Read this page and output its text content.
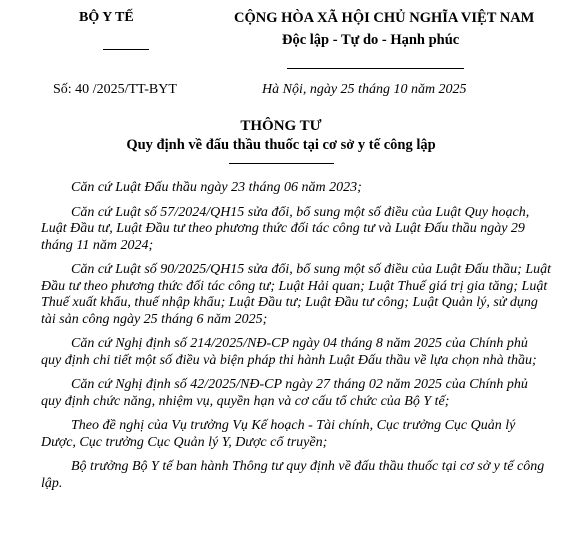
BỘ Y TẾ	CỘNG HÒA XÃ HỘI CHỦ NGHĨA VIỆT NAM
Độc lập - Tự do - Hạnh phúc
Số: 40 /2025/TT-BYT	Hà Nội, ngày 25 tháng 10 năm 2025
THÔNG TƯ
Quy định về đấu thầu thuốc tại cơ sở y tế công lập

Căn cứ Luật Đấu thầu ngày 23 tháng 06 năm 2023;

Căn cứ Luật số 57/2024/QH15 sửa đổi, bổ sung một số điều của Luật Quy hoạch, Luật Đầu tư, Luật Đầu tư theo phương thức đối tác công tư và Luật Đấu thầu ngày 29 tháng 11 năm 2024;

Căn cứ Luật số 90/2025/QH15 sửa đổi, bổ sung một số điều của Luật Đấu thầu; Luật Đầu tư theo phương thức đối tác công tư; Luật Hải quan; Luật Thuế giá trị gia tăng; Luật Thuế xuất khẩu, thuế nhập khẩu; Luật Đầu tư; Luật Đầu tư công; Luật Quản lý, sử dụng tài sản công ngày 25 tháng 6 năm 2025;

Căn cứ Nghị định số 214/2025/NĐ-CP ngày 04 tháng 8 năm 2025 của Chính phủ quy định chi tiết một số điều và biện pháp thi hành Luật Đấu thầu về lựa chọn nhà thầu;

Căn cứ Nghị định số 42/2025/NĐ-CP ngày 27 tháng 02 năm 2025 của Chính phủ quy định chức năng, nhiệm vụ, quyền hạn và cơ cấu tổ chức của Bộ Y tế;

Theo đề nghị của Vụ trưởng Vụ Kế hoạch - Tài chính, Cục trưởng Cục Quản lý Dược, Cục trưởng Cục Quản lý Y, Dược cổ truyền;

Bộ trưởng Bộ Y tế ban hành Thông tư quy định về đấu thầu thuốc tại cơ sở y tế công lập.
